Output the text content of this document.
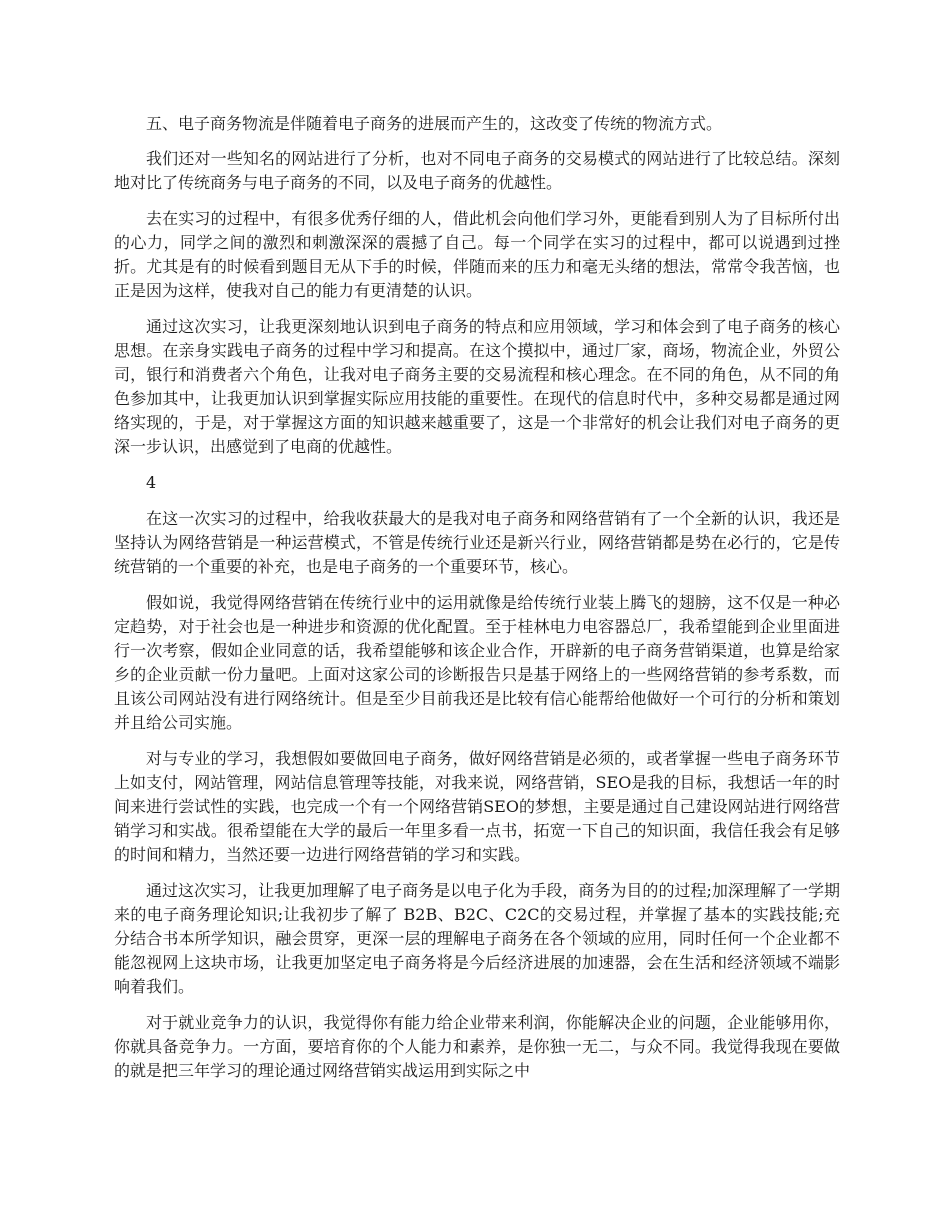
五、电子商务物流是伴随着电子商务的进展而产生的，这改变了传统的物流方式。

我们还对一些知名的网站进行了分析，也对不同电子商务的交易模式的网站进行了比较总结。深刻地对比了传统商务与电子商务的不同，以及电子商务的优越性。

去在实习的过程中，有很多优秀仔细的人，借此机会向他们学习外，更能看到别人为了目标所付出的心力，同学之间的激烈和刺激深深的震撼了自己。每一个同学在实习的过程中，都可以说遇到过挫折。尤其是有的时候看到题目无从下手的时候，伴随而来的压力和毫无头绪的想法，常常令我苦恼，也正是因为这样，使我对自己的能力有更清楚的认识。

通过这次实习，让我更深刻地认识到电子商务的特点和应用领域，学习和体会到了电子商务的核心思想。在亲身实践电子商务的过程中学习和提高。在这个摸拟中，通过厂家，商场，物流企业，外贸公司，银行和消费者六个角色，让我对电子商务主要的交易流程和核心理念。在不同的角色，从不同的角色参加其中，让我更加认识到掌握实际应用技能的重要性。在现代的信息时代中，多种交易都是通过网络实现的，于是，对于掌握这方面的知识越来越重要了，这是一个非常好的机会让我们对电子商务的更深一步认识，出感觉到了电商的优越性。

4

在这一次实习的过程中，给我收获最大的是我对电子商务和网络营销有了一个全新的认识，我还是坚持认为网络营销是一种运营模式，不管是传统行业还是新兴行业，网络营销都是势在必行的，它是传统营销的一个重要的补充，也是电子商务的一个重要环节，核心。

假如说，我觉得网络营销在传统行业中的运用就像是给传统行业装上腾飞的翅膀，这不仅是一种必定趋势，对于社会也是一种进步和资源的优化配置。至于桂林电力电容器总厂，我希望能到企业里面进行一次考察，假如企业同意的话，我希望能够和该企业合作，开辟新的电子商务营销渠道，也算是给家乡的企业贡献一份力量吧。上面对这家公司的诊断报告只是基于网络上的一些网络营销的参考系数，而且该公司网站没有进行网络统计。但是至少目前我还是比较有信心能帮给他做好一个可行的分析和策划并且给公司实施。

对与专业的学习，我想假如要做回电子商务，做好网络营销是必须的，或者掌握一些电子商务环节上如支付，网站管理，网站信息管理等技能，对我来说，网络营销，SEO是我的目标，我想话一年的时间来进行尝试性的实践，也完成一个有一个网络营销SEO的梦想，主要是通过自己建设网站进行网络营销学习和实战。很希望能在大学的最后一年里多看一点书，拓宽一下自己的知识面，我信任我会有足够的时间和精力，当然还要一边进行网络营销的学习和实践。

通过这次实习，让我更加理解了电子商务是以电子化为手段，商务为目的的过程;加深理解了一学期来的电子商务理论知识;让我初步了解了 B2B、B2C、C2C的交易过程，并掌握了基本的实践技能;充分结合书本所学知识，融会贯穿，更深一层的理解电子商务在各个领域的应用，同时任何一个企业都不能忽视网上这块市场，让我更加坚定电子商务将是今后经济进展的加速器，会在生活和经济领域不端影响着我们。

对于就业竞争力的认识，我觉得你有能力给企业带来利润，你能解决企业的问题，企业能够用你，你就具备竞争力。一方面，要培育你的个人能力和素养，是你独一无二，与众不同。我觉得我现在要做的就是把三年学习的理论通过网络营销实战运用到实际之中
